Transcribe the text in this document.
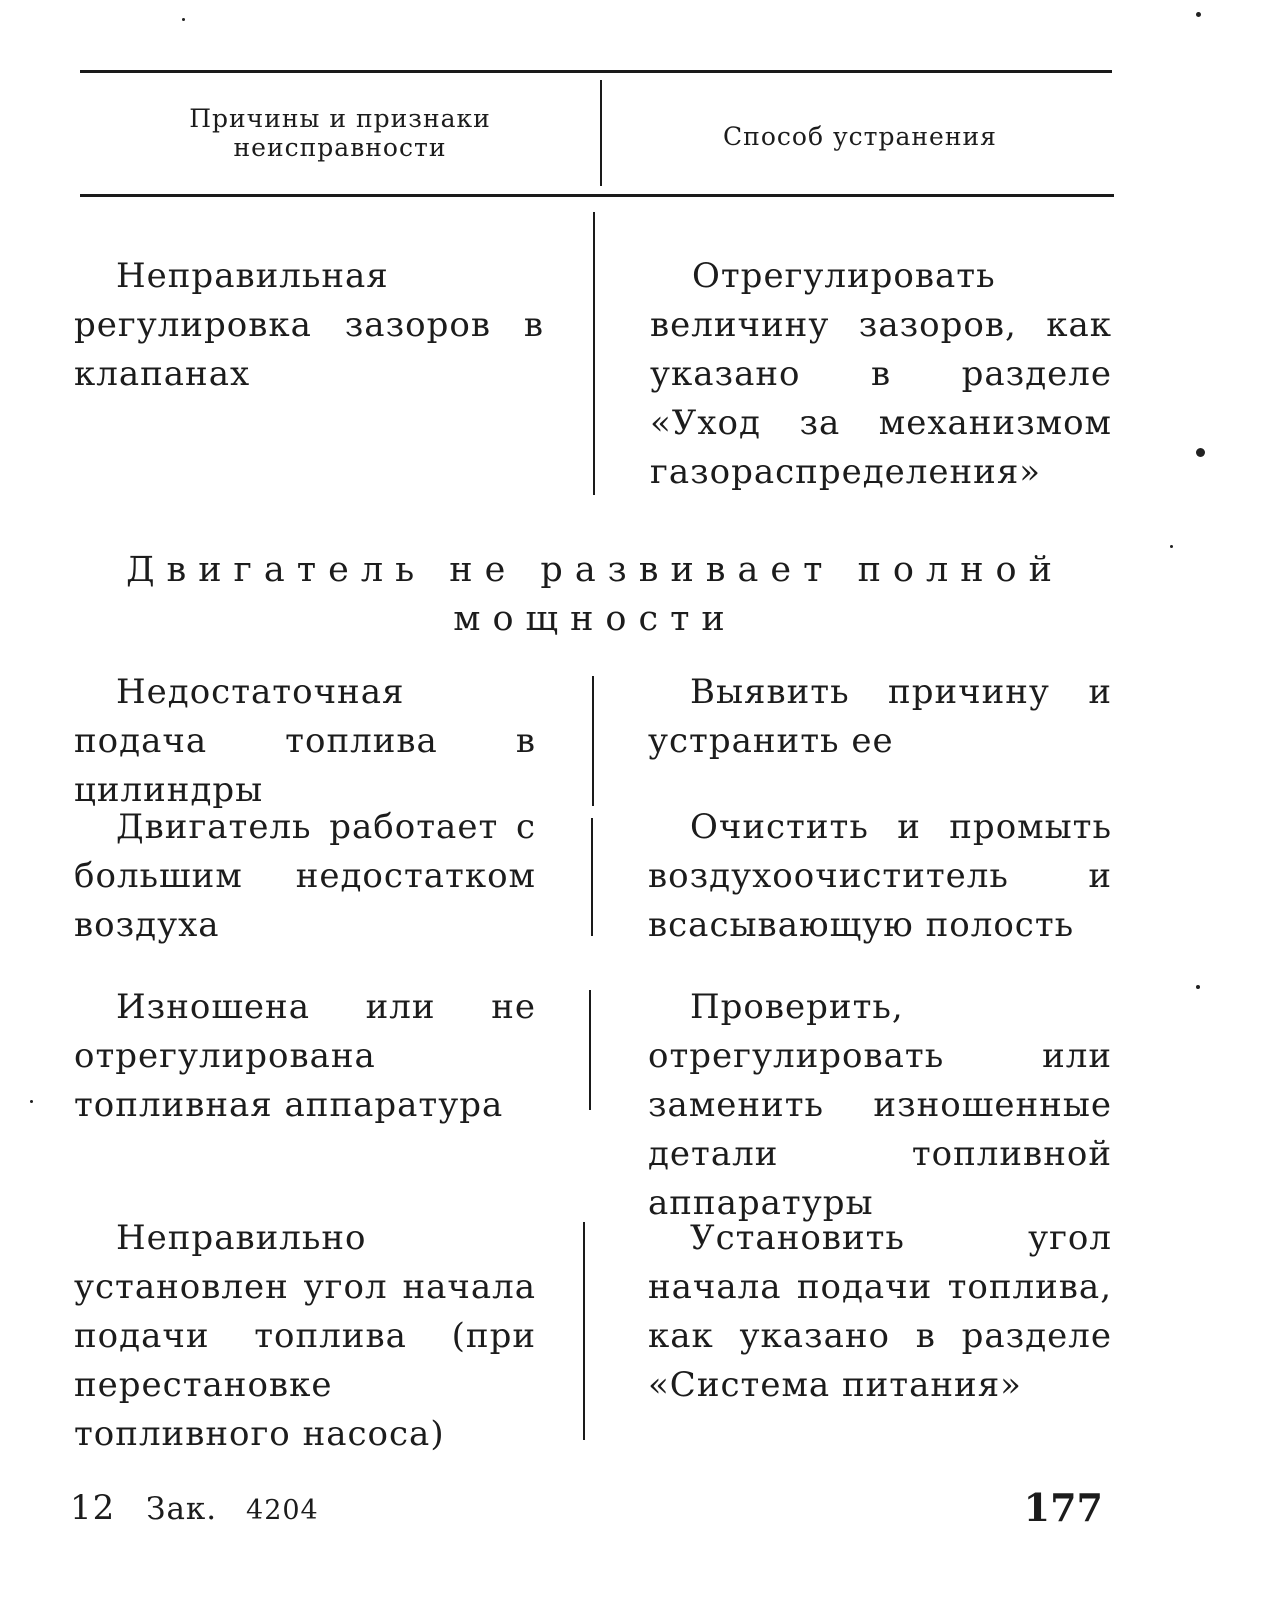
Причины и признаки неисправности	Способ устранения
Неправильная регулировка зазоров в клапанах
Отрегулировать величину зазоров, как указано в разделе «Уход за механизмом газораспределения»
Двигатель не развивает полной мощности
Недостаточная подача топлива в цилиндры
Выявить причину и устранить ее
Двигатель работает с большим недостатком воздуха
Очистить и промыть воздухоочиститель и всасывающую полость
Изношена или не отрегулирована топливная аппаратура
Проверить, отрегулировать или заменить изношенные детали топливной аппаратуры
Неправильно установлен угол начала подачи топлива (при перестановке топливного насоса)
Установить угол начала подачи топлива, как указано в разделе «Система питания»
12 Зак. 4204	177
